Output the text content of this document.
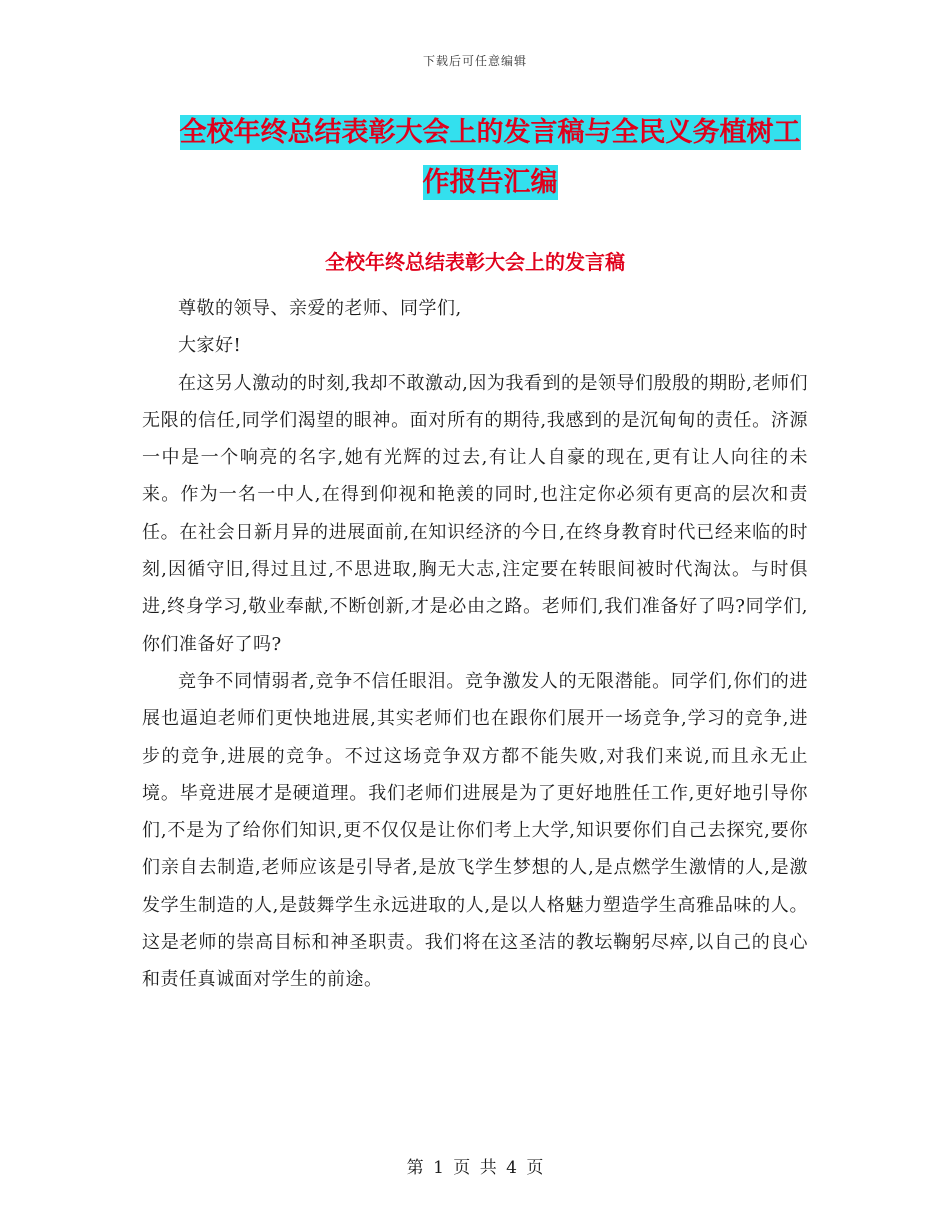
下载后可任意编辑
全校年终总结表彰大会上的发言稿与全民义务植树工
作报告汇编
全校年终总结表彰大会上的发言稿

尊敬的领导、亲爱的老师、同学们,

大家好!

在这另人激动的时刻,我却不敢激动,因为我看到的是领导们殷殷的期盼,老师们无限的信任,同学们渴望的眼神。面对所有的期待,我感到的是沉甸甸的责任。济源一中是一个响亮的名字,她有光辉的过去,有让人自豪的现在,更有让人向往的未来。作为一名一中人,在得到仰视和艳羡的同时,也注定你必须有更高的层次和责任。在社会日新月异的进展面前,在知识经济的今日,在终身教育时代已经来临的时刻,因循守旧,得过且过,不思进取,胸无大志,注定要在转眼间被时代淘汰。与时俱进,终身学习,敬业奉献,不断创新,才是必由之路。老师们,我们准备好了吗?同学们,你们准备好了吗?

竞争不同情弱者,竞争不信任眼泪。竞争激发人的无限潜能。同学们,你们的进展也逼迫老师们更快地进展,其实老师们也在跟你们展开一场竞争,学习的竞争,进步的竞争,进展的竞争。不过这场竞争双方都不能失败,对我们来说,而且永无止境。毕竟进展才是硬道理。我们老师们进展是为了更好地胜任工作,更好地引导你们,不是为了给你们知识,更不仅仅是让你们考上大学,知识要你们自己去探究,要你们亲自去制造,老师应该是引导者,是放飞学生梦想的人,是点燃学生激情的人,是激发学生制造的人,是鼓舞学生永远进取的人,是以人格魅力塑造学生高雅品味的人。这是老师的崇高目标和神圣职责。我们将在这圣洁的教坛鞠躬尽瘁,以自己的良心和责任真诚面对学生的前途。

第 1 页 共 4 页
